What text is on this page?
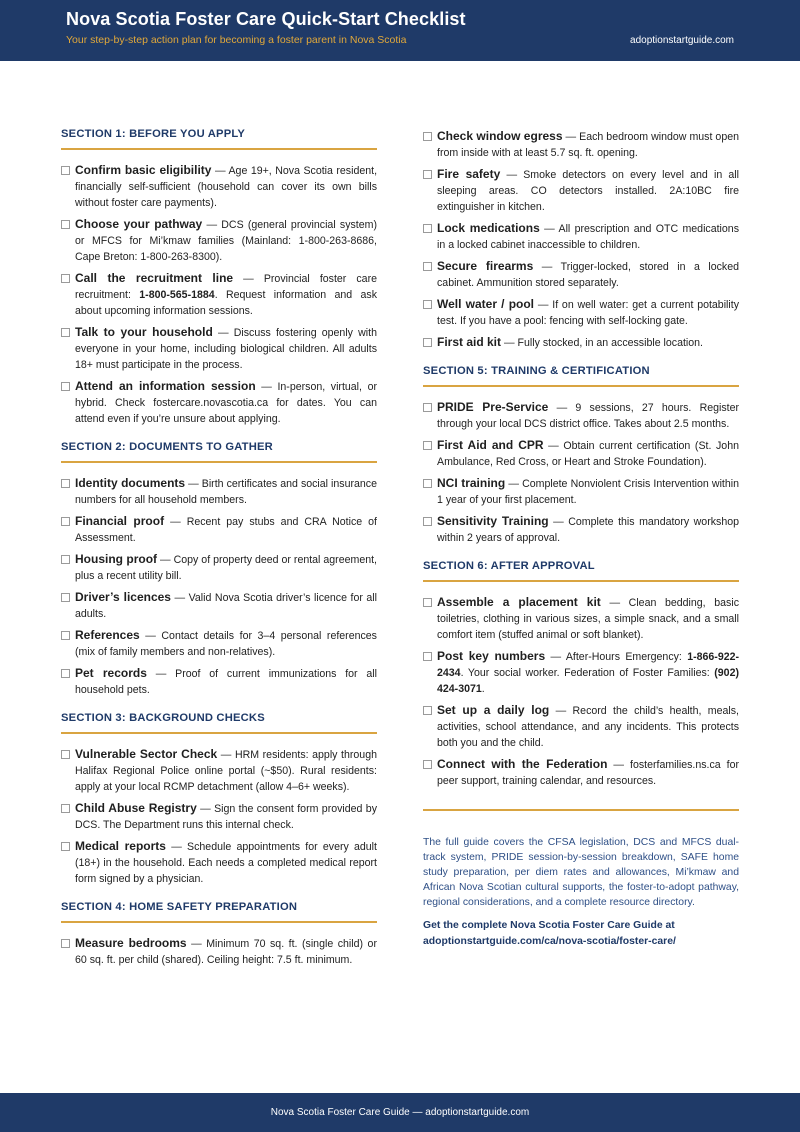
Nova Scotia Foster Care Quick-Start Checklist
Your step-by-step action plan for becoming a foster parent in Nova Scotia	adoptionstartguide.com
SECTION 1: BEFORE YOU APPLY
Confirm basic eligibility — Age 19+, Nova Scotia resident, financially self-sufficient (household can cover its own bills without foster care payments).
Choose your pathway — DCS (general provincial system) or MFCS for Mi’kmaw families (Mainland: 1-800-263-8686, Cape Breton: 1-800-263-8300).
Call the recruitment line — Provincial foster care recruitment: 1-800-565-1884. Request information and ask about upcoming information sessions.
Talk to your household — Discuss fostering openly with everyone in your home, including biological children. All adults 18+ must participate in the process.
Attend an information session — In-person, virtual, or hybrid. Check fostercare.novascotia.ca for dates. You can attend even if you’re unsure about applying.
SECTION 2: DOCUMENTS TO GATHER
Identity documents — Birth certificates and social insurance numbers for all household members.
Financial proof — Recent pay stubs and CRA Notice of Assessment.
Housing proof — Copy of property deed or rental agreement, plus a recent utility bill.
Driver’s licences — Valid Nova Scotia driver’s licence for all adults.
References — Contact details for 3–4 personal references (mix of family members and non-relatives).
Pet records — Proof of current immunizations for all household pets.
SECTION 3: BACKGROUND CHECKS
Vulnerable Sector Check — HRM residents: apply through Halifax Regional Police online portal (~$50). Rural residents: apply at your local RCMP detachment (allow 4–6+ weeks).
Child Abuse Registry — Sign the consent form provided by DCS. The Department runs this internal check.
Medical reports — Schedule appointments for every adult (18+) in the household. Each needs a completed medical report form signed by a physician.
SECTION 4: HOME SAFETY PREPARATION
Measure bedrooms — Minimum 70 sq. ft. (single child) or 60 sq. ft. per child (shared). Ceiling height: 7.5 ft. minimum.
Check window egress — Each bedroom window must open from inside with at least 5.7 sq. ft. opening.
Fire safety — Smoke detectors on every level and in all sleeping areas. CO detectors installed. 2A:10BC fire extinguisher in kitchen.
Lock medications — All prescription and OTC medications in a locked cabinet inaccessible to children.
Secure firearms — Trigger-locked, stored in a locked cabinet. Ammunition stored separately.
Well water / pool — If on well water: get a current potability test. If you have a pool: fencing with self-locking gate.
First aid kit — Fully stocked, in an accessible location.
SECTION 5: TRAINING & CERTIFICATION
PRIDE Pre-Service — 9 sessions, 27 hours. Register through your local DCS district office. Takes about 2.5 months.
First Aid and CPR — Obtain current certification (St. John Ambulance, Red Cross, or Heart and Stroke Foundation).
NCI training — Complete Nonviolent Crisis Intervention within 1 year of your first placement.
Sensitivity Training — Complete this mandatory workshop within 2 years of approval.
SECTION 6: AFTER APPROVAL
Assemble a placement kit — Clean bedding, basic toiletries, clothing in various sizes, a simple snack, and a small comfort item (stuffed animal or soft blanket).
Post key numbers — After-Hours Emergency: 1-866-922-2434. Your social worker. Federation of Foster Families: (902) 424-3071.
Set up a daily log — Record the child’s health, meals, activities, school attendance, and any incidents. This protects both you and the child.
Connect with the Federation — fosterfamilies.ns.ca for peer support, training calendar, and resources.
The full guide covers the CFSA legislation, DCS and MFCS dual-track system, PRIDE session-by-session breakdown, SAFE home study preparation, per diem rates and allowances, Mi’kmaw and African Nova Scotian cultural supports, the foster-to-adopt pathway, regional considerations, and a complete resource directory.
Get the complete Nova Scotia Foster Care Guide at adoptionstartguide.com/ca/nova-scotia/foster-care/
Nova Scotia Foster Care Guide — adoptionstartguide.com
